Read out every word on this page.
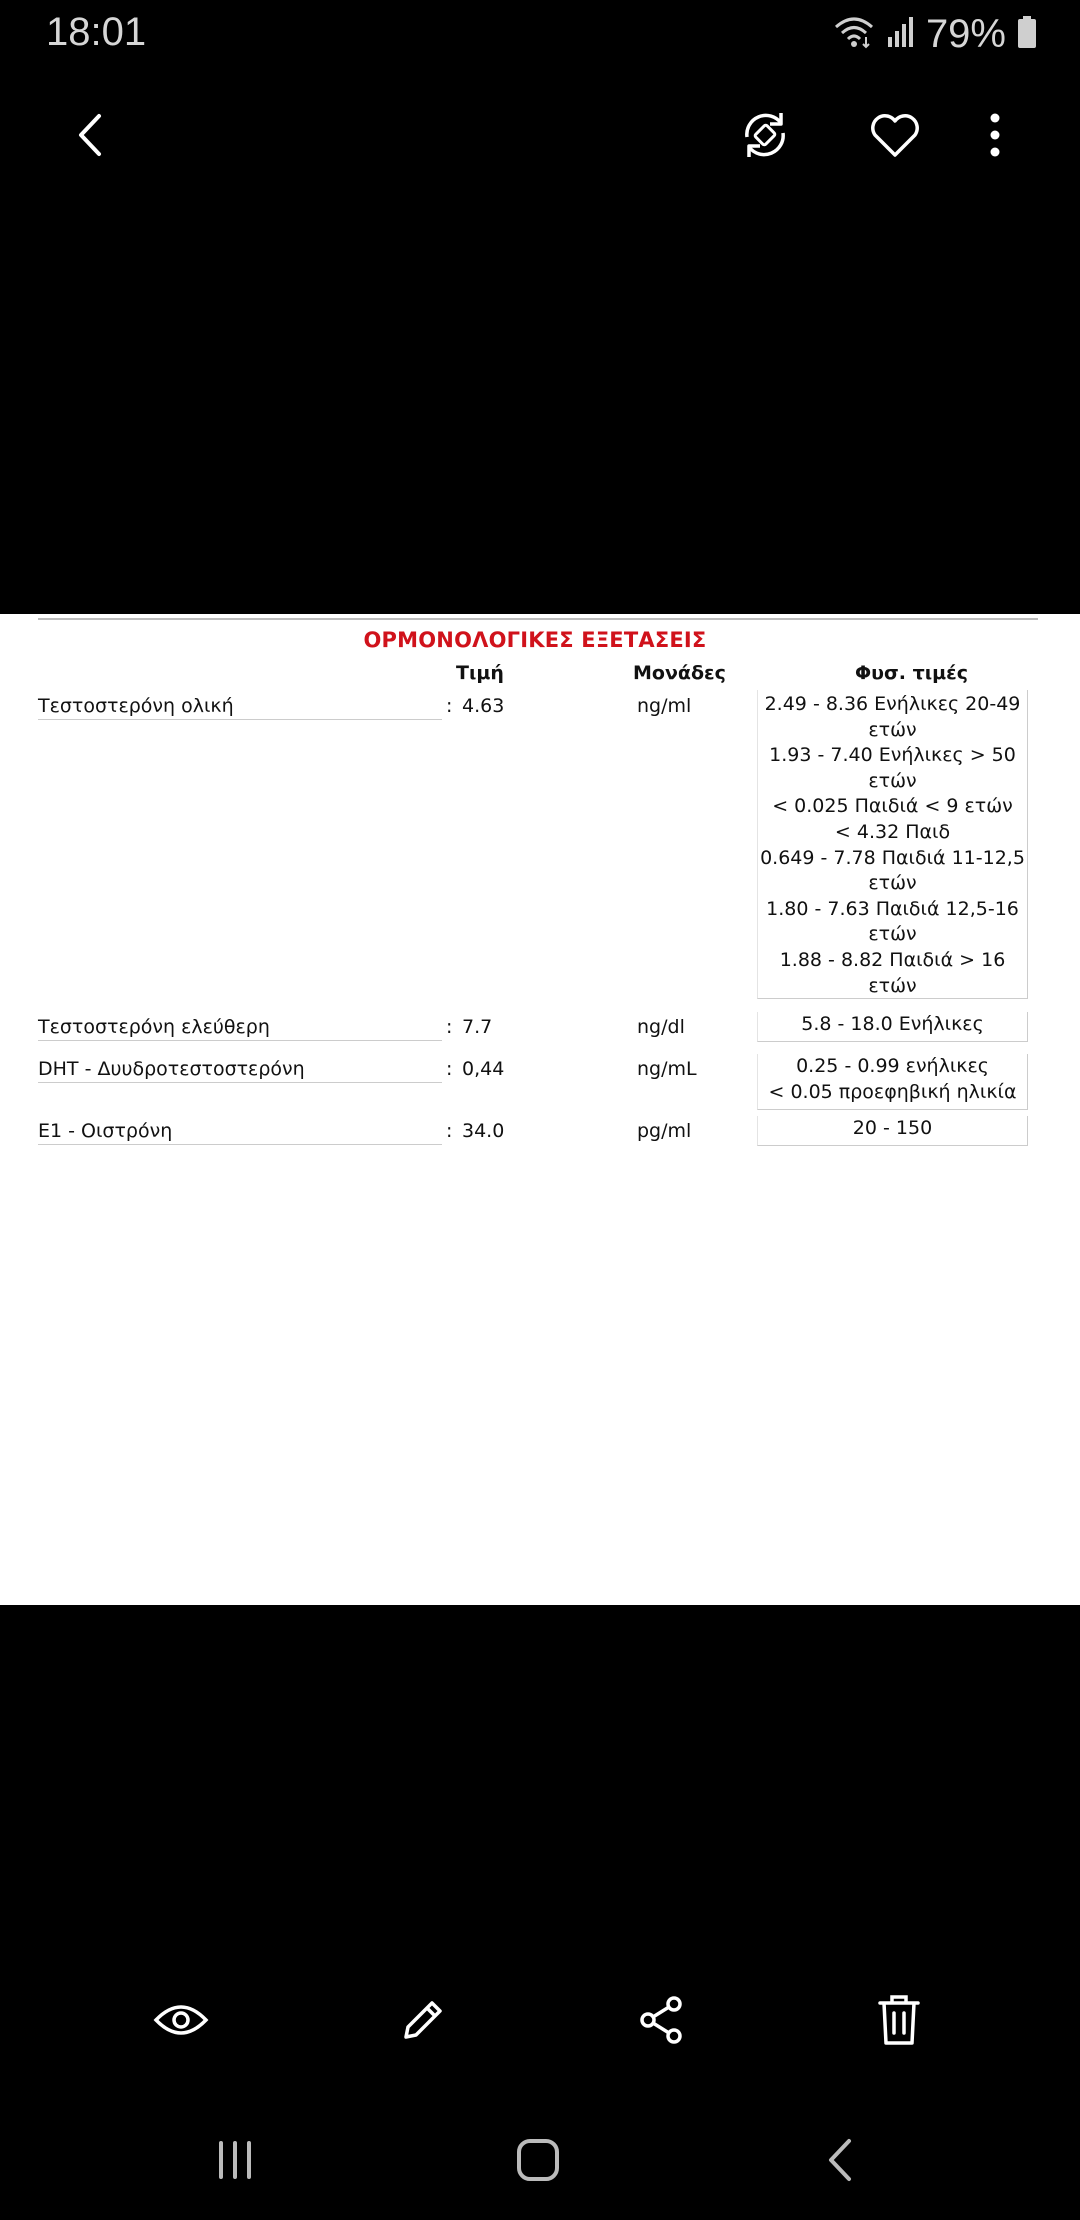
18:01	79%
ΟΡΜΟΝΟΛΟΓΙΚΕΣ ΕΞΕΤΑΣΕΙΣ
Τιμή	Μονάδες	Φυσ. τιμές
Τεστοστερόνη ολική	: 4.63	ng/ml	2.49 - 8.36 Ενήλικες 20-49 ετών
1.93 - 7.40 Ενήλικες > 50 ετών
< 0.025 Παιδιά < 9 ετών
< 4.32 Παιδ
0.649 - 7.78 Παιδιά 11-12,5 ετών
1.80 - 7.63 Παιδιά 12,5-16 ετών
1.88 - 8.82 Παιδιά > 16 ετών
Τεστοστερόνη ελεύθερη	: 7.7	ng/dl	5.8 - 18.0 Ενήλικες
DHT - Δυυδροτεστοστερόνη	: 0,44	ng/mL	0.25 - 0.99 ενήλικες
< 0.05 προεφηβική ηλικία
E1 - Οιστρόνη	: 34.0	pg/ml	20 - 150
